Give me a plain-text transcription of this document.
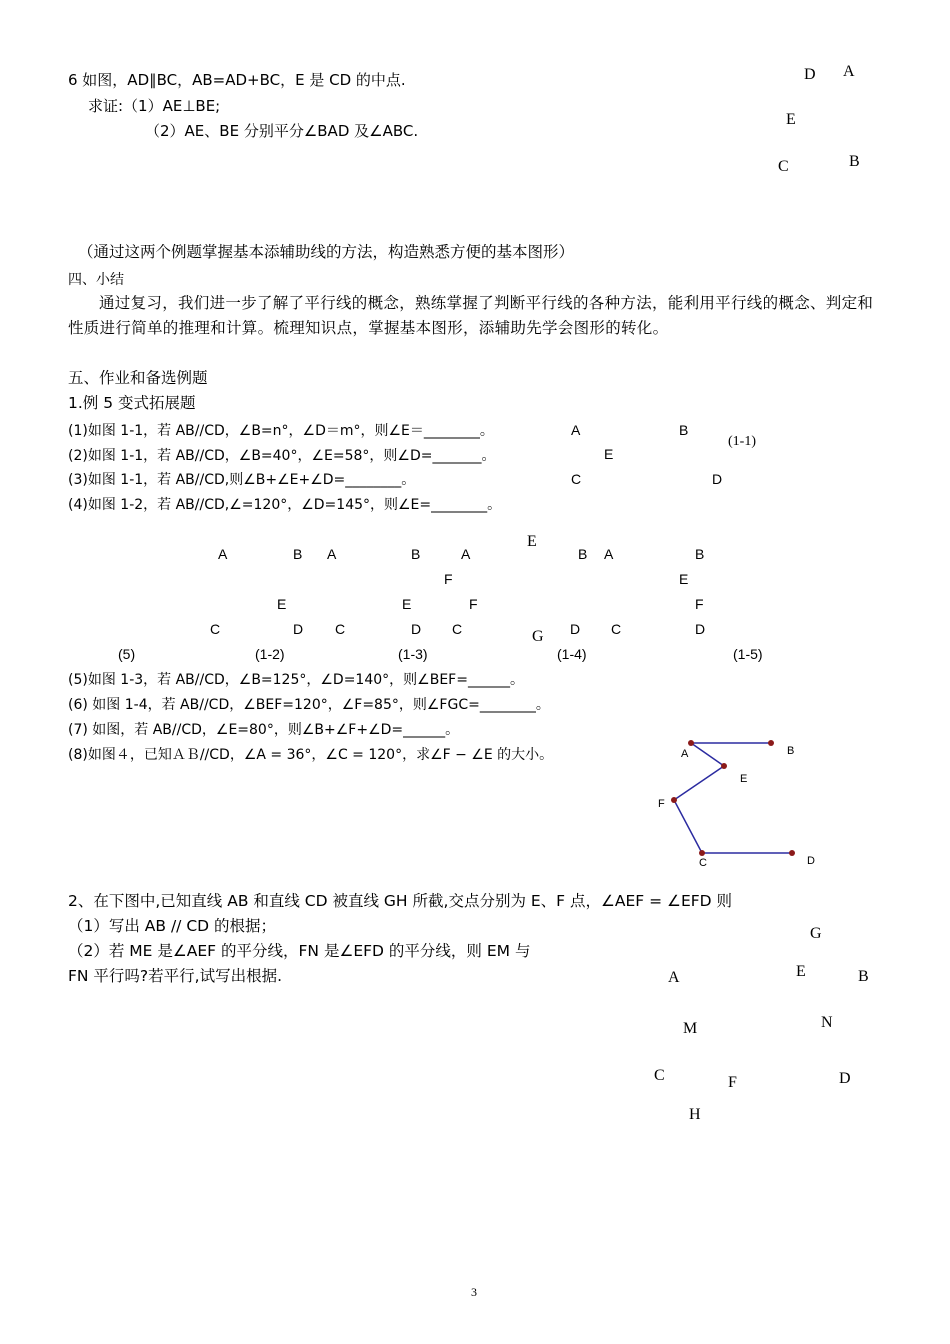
6 如图，AD∥BC，AB=AD+BC，E 是 CD 的中点.
求证:（1）AE⊥BE;
（2）AE、BE 分别平分∠BAD 及∠ABC.
D A
E
C	B
（通过这两个例题掌握基本添辅助线的方法，构造熟悉方便的基本图形）
四、小结
通过复习，我们进一步了解了平行线的概念，熟练掌握了判断平行线的各种方法，能利用平行线的概念、判定和性质进行简单的推理和计算。梳理知识点，掌握基本图形，添辅助先学会图形的转化。
五、作业和备选例题
1.例 5 变式拓展题
(1)如图 1-1，若 AB//CD，∠B=n°，∠D＝m°，则∠E＝________。
(2)如图 1-1，若 AB//CD，∠B=40°，∠E=58°，则∠D=_______。
(3)如图 1-1，若 AB//CD,则∠B+∠E+∠D=________。
(4)如图 1-2，若 AB//CD,∠=120°，∠D=145°，则∠E=________。
A	B
(1-1)
E
C	D
E
A	B A	B	A	B A	B
F	E
E	E	F	F
C	D C	D C	D C	D
G
(5)	(1-2)	(1-3)	(1-4)	(1-5)
(5)如图 1-3，若 AB//CD，∠B=125°，∠D=140°，则∠BEF=______。
(6) 如图 1-4，若 AB//CD，∠BEF=120°，∠F=85°，则∠FGC=________。
(7) 如图，若 AB//CD，∠E=80°，则∠B+∠F+∠D=______。
(8)如图４，已知ＡＢ//CD，∠A = 36°，∠C = 120°，求∠F − ∠E 的大小。	A	B
E
F
C	D
2、在下图中,已知直线 AB 和直线 CD 被直线 GH 所截,交点分别为 E、F 点，∠AEF = ∠EFD 则
（1）写出 AB // CD 的根据；
（2）若 ME 是∠AEF 的平分线，FN 是∠EFD 的平分线，则 EM 与
FN 平行吗?若平行,试写出根据.
G
A	E	B
M	N
C	F	D
H
3
